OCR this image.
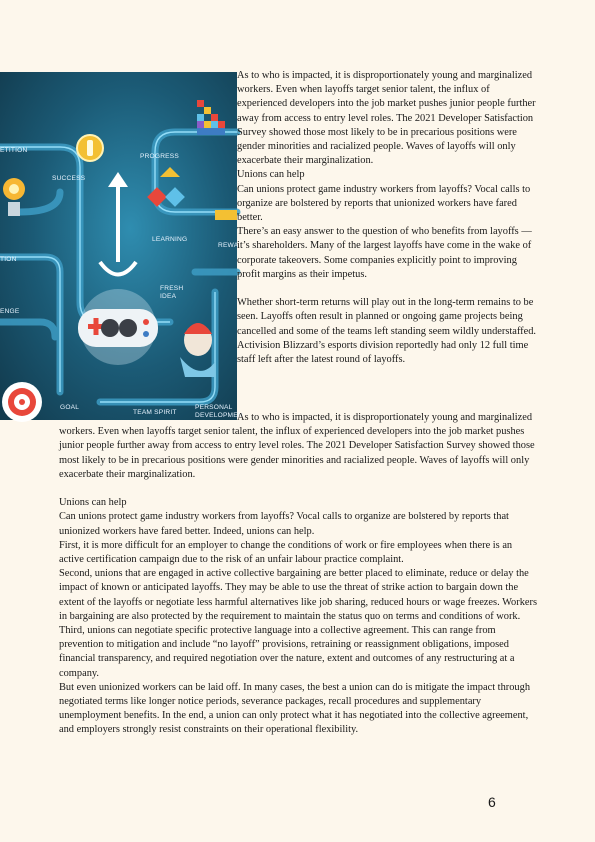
ETITION
PROGRESS
SUCCESS
LEARNING
REWA
TION
FRESH IDEA
ENGE
GOAL
TEAM SPIRIT
PERSONAL DEVELOPMEN

As to who is impacted, it is disproportionately young and marginalized workers. Even when layoffs target senior talent, the influx of experienced developers into the job market pushes junior people further away from access to entry level roles. The 2021 Developer Satisfaction Survey showed those most likely to be in precarious positions were gender minorities and racialized people. Waves of layoffs will only exacerbate their marginalization.

Unions can help

Can unions protect game industry workers from layoffs? Vocal calls to organize are bolstered by reports that unionized workers have fared better.

There’s an easy answer to the question of who benefits from layoffs — it’s shareholders. Many of the largest layoffs have come in the wake of corporate takeovers. Some companies explicitly point to improving profit margins as their impetus.

Whether short-term returns will play out in the long-term remains to be seen. Layoffs often result in planned or ongoing game projects being cancelled and some of the teams left standing seem wildly understaffed. Activision Blizzard’s esports division reportedly had only 12 full time staff left after the latest round of layoffs.

As to who is impacted, it is disproportionately young and marginalized workers. Even when layoffs target senior talent, the influx of experienced developers into the job market pushes junior people further away from access to entry level roles. The 2021 Developer Satisfaction Survey showed those most likely to be in precarious positions were gender minorities and racialized people. Waves of layoffs will only exacerbate their marginalization.

Unions can help

Can unions protect game industry workers from layoffs? Vocal calls to organize are bolstered by reports that unionized workers have fared better. Indeed, unions can help.

First, it is more difficult for an employer to change the conditions of work or fire employees when there is an active certification campaign due to the risk of an unfair labour practice complaint.

Second, unions that are engaged in active collective bargaining are better placed to eliminate, reduce or delay the impact of known or anticipated layoffs. They may be able to use the threat of strike action to bargain down the extent of the layoffs or negotiate less harmful alternatives like job sharing, reduced hours or wage freezes. Workers in bargaining are also protected by the requirement to maintain the status quo on terms and conditions of work.

Third, unions can negotiate specific protective language into a collective agreement. This can range from prevention to mitigation and include “no layoff” provisions, retraining or reassignment obligations, imposed financial transparency, and required negotiation over the nature, extent and outcomes of any restructuring at a company.

But even unionized workers can be laid off. In many cases, the best a union can do is mitigate the impact through negotiated terms like longer notice periods, severance packages, recall procedures and supplementary unemployment benefits. In the end, a union can only protect what it has negotiated into the collective agreement, and employers strongly resist constraints on their operational flexibility.

6
